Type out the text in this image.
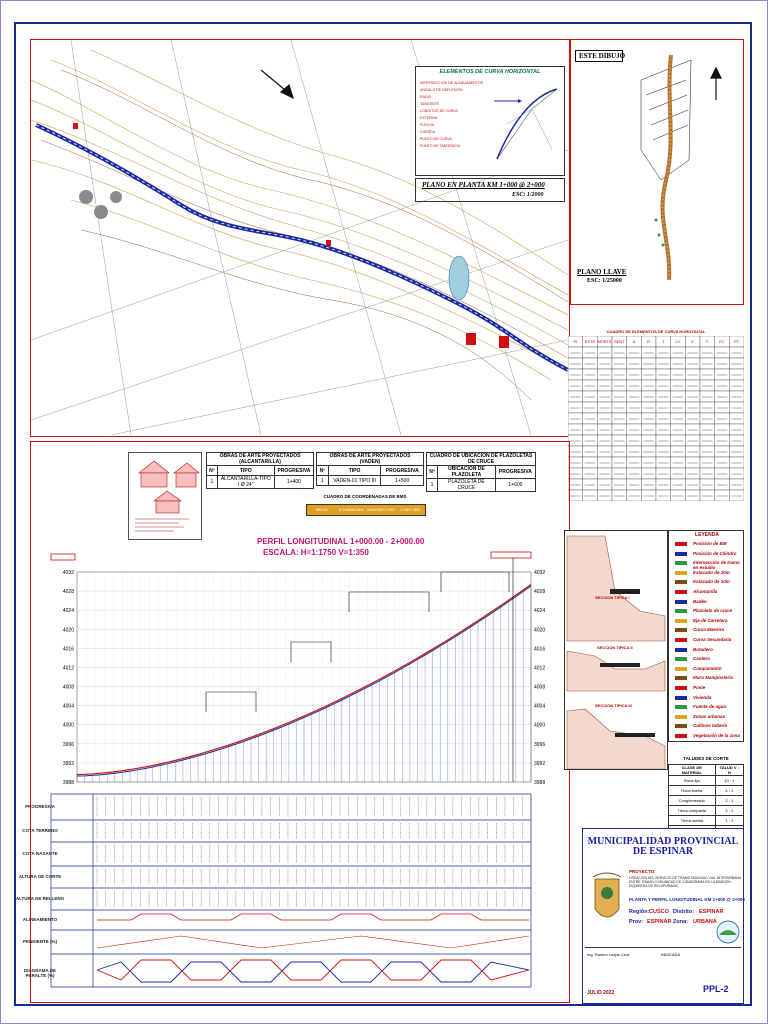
ELEMENTOS DE CURVA HORIZONTAL
INTERSECCION DE ALINEAMIENTOS
ANGULO DE DEFLEXION
RADIO
TANGENTE
LONGITUD DE CURVA
EXTERNA
FLECHA
CUERDA
PUNTO DE CURVA
PUNTO DE TANGENCIA
PLANO EN PLANTA KM 1+000 @ 2+000
ESC: 1/2000
ESTE DIBUJO
PLANO LLAVE
ESC: 1/25000
CUADRO DE ELEMENTOS DE CURVA HORIZONTAL
PI ESTE NORTE SENT Δ	R	T	LC	E	F	PC PT
OBRAS DE ARTE PROYECTADOS (ALCANTARILLA)		
Nº	TIPO	PROGRESIVA
1	ALCANTARILLA-TIPO I Ø 24"	1+400
OBRAS DE ARTE PROYECTADOS (VADEN)		
Nº	TIPO	PROGRESIVA
1	VADEN-01 TIPO III	1+500
CUADRO DE UBICACION DE PLAZOLETAS DE CRUCE		
Nº	UBICACION DE PLAZOLETA	PROGRESIVA
1	PLAZOLETA DE CRUCE	1+600
CUADRO DE COORDENADAS DE BMS
BM-03	E:244854.464 N:8390670.203	Z:4027.832
PERFIL LONGITUDINAL 1+000.00 - 2+000.00
ESCALA: H=1:1750 V=1:350
4032	4032
4028	4028
4024	4024
4020	4020
4016	4016
4012	4012
4008	4008
4004	4004
4000	4000
3996	3996
3992	3992
3988	3988
PROGRESIVA
COTA TERRENO
COTA RASANTE
ALTURA DE CORTE
ALTURA DE RELLENO
ALINEAMIENTO
PENDIENTE (%)
DIAGRAMA DE PERALTE (%)
LEYENDA
Posición de BM
Posición de Cilindro
Intersección de tramo en estudio
Estacado de 20m
Estacado de 10m
Alcantarilla
Badén
Plazoleta de cruce
Eje de Carretera
Curva Maestra
Curva Secundaria
Botadero
Cantera
Campamento
Muro Mampostería
Poste
Vivienda
Fuente de agua
Zonas urbanas
Cultivos tubería
Vegetación de la zona
SECCION TIPICA I
SECCION TIPICA II
SECCION TIPICA III
TALUDES DE CORTE
CLASE DE MATERIAL	TALUD V : H
Roca fija	10 : 1
Roca suelta	4 : 1
Conglomerado	2 : 1
Tierra compacta	2 : 1
Tierra suelta	1 : 1

MUNICIPALIDAD PROVINCIAL DE ESPINAR
PROYECTO:
CREACION DEL SERVICIO DE TRANSITABILIDAD VIAL INTERURBANA ENTRE TRAMO COMUNIDAD DE CONDORAMA EN LA MARGEN IZQUIERDA DE RIO APURIMAC
PLANTA Y PERFIL LONGITUDINAL KM 1+000 @ 2+000
Región: CUSCO
Prov: ESPINAR
Distrito: ESPINAR
Zona: URBANA
Ing. Ramiro Luque Cruz	INDICADA
JULIO 2022	PPL-2
